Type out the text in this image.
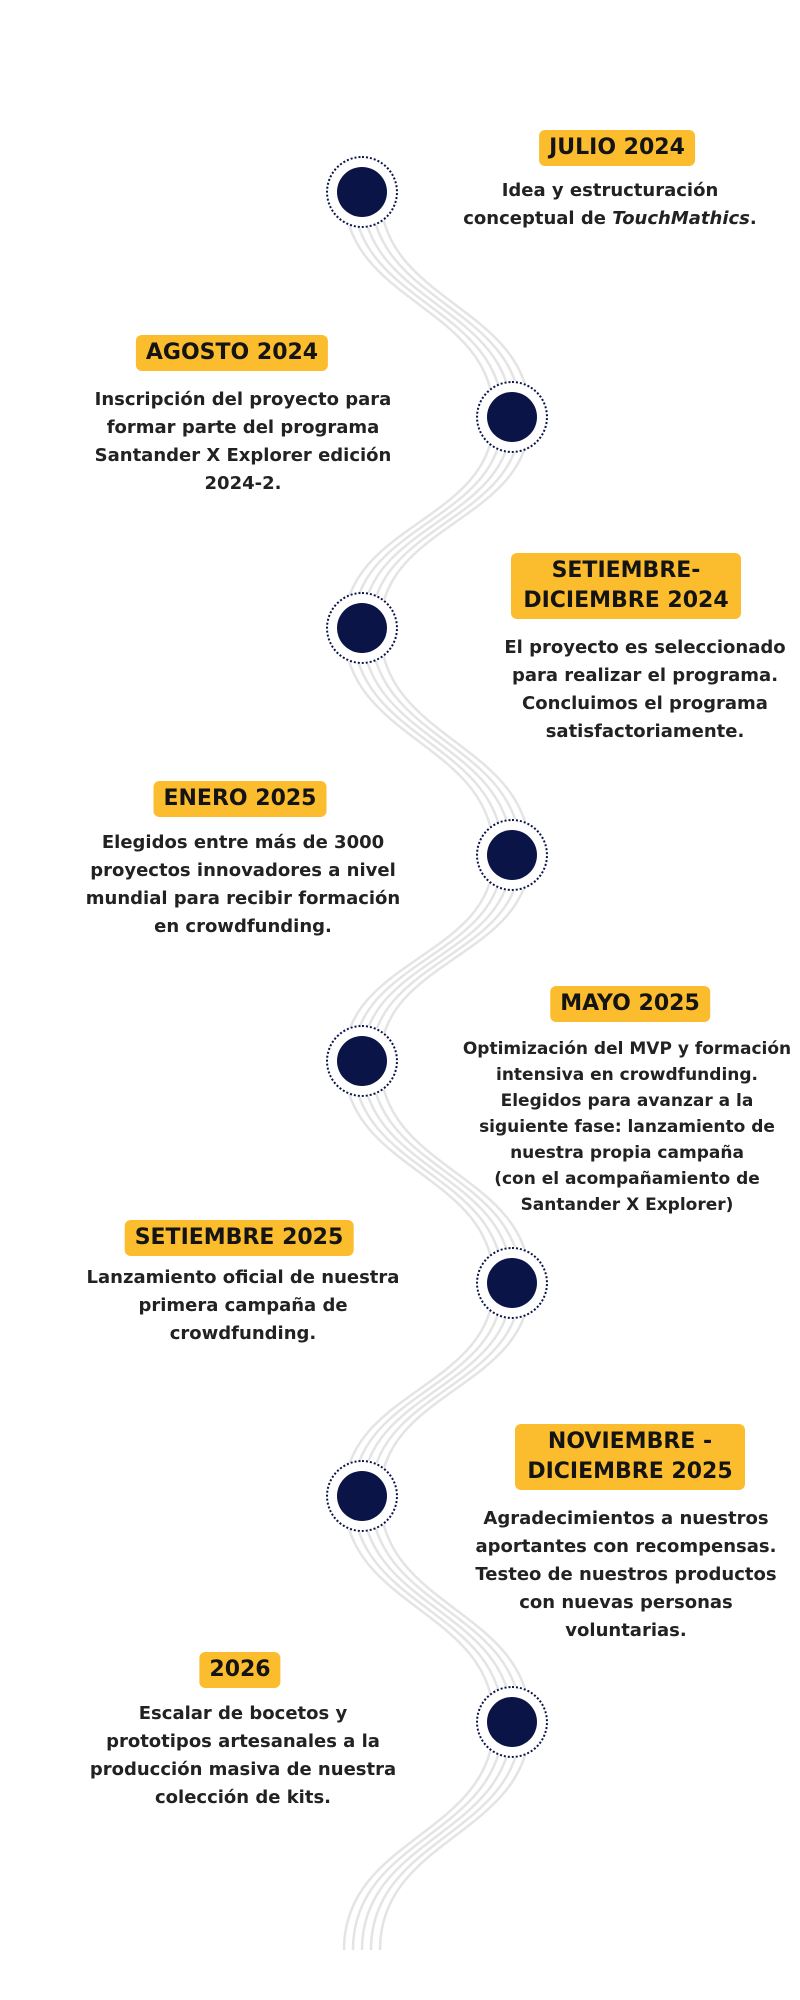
JULIO 2024
Idea y estructuración conceptual de TouchMathics.
AGOSTO 2024
Inscripción del proyecto para formar parte del programa Santander X Explorer edición 2024-2.
SETIEMBRE-
DICIEMBRE 2024
El proyecto es seleccionado para realizar el programa. Concluimos el programa satisfactoriamente.
ENERO 2025
Elegidos entre más de 3000 proyectos innovadores a nivel mundial para recibir formación en crowdfunding.
MAYO 2025
Optimización del MVP y formación intensiva en crowdfunding. Elegidos para avanzar a la siguiente fase: lanzamiento de nuestra propia campaña
(con el acompañamiento de Santander X Explorer)
SETIEMBRE 2025
Lanzamiento oficial de nuestra primera campaña de crowdfunding.
NOVIEMBRE -
DICIEMBRE 2025
Agradecimientos a nuestros aportantes con recompensas. Testeo de nuestros productos con nuevas personas voluntarias.
2026
Escalar de bocetos y prototipos artesanales a la producción masiva de nuestra colección de kits.
